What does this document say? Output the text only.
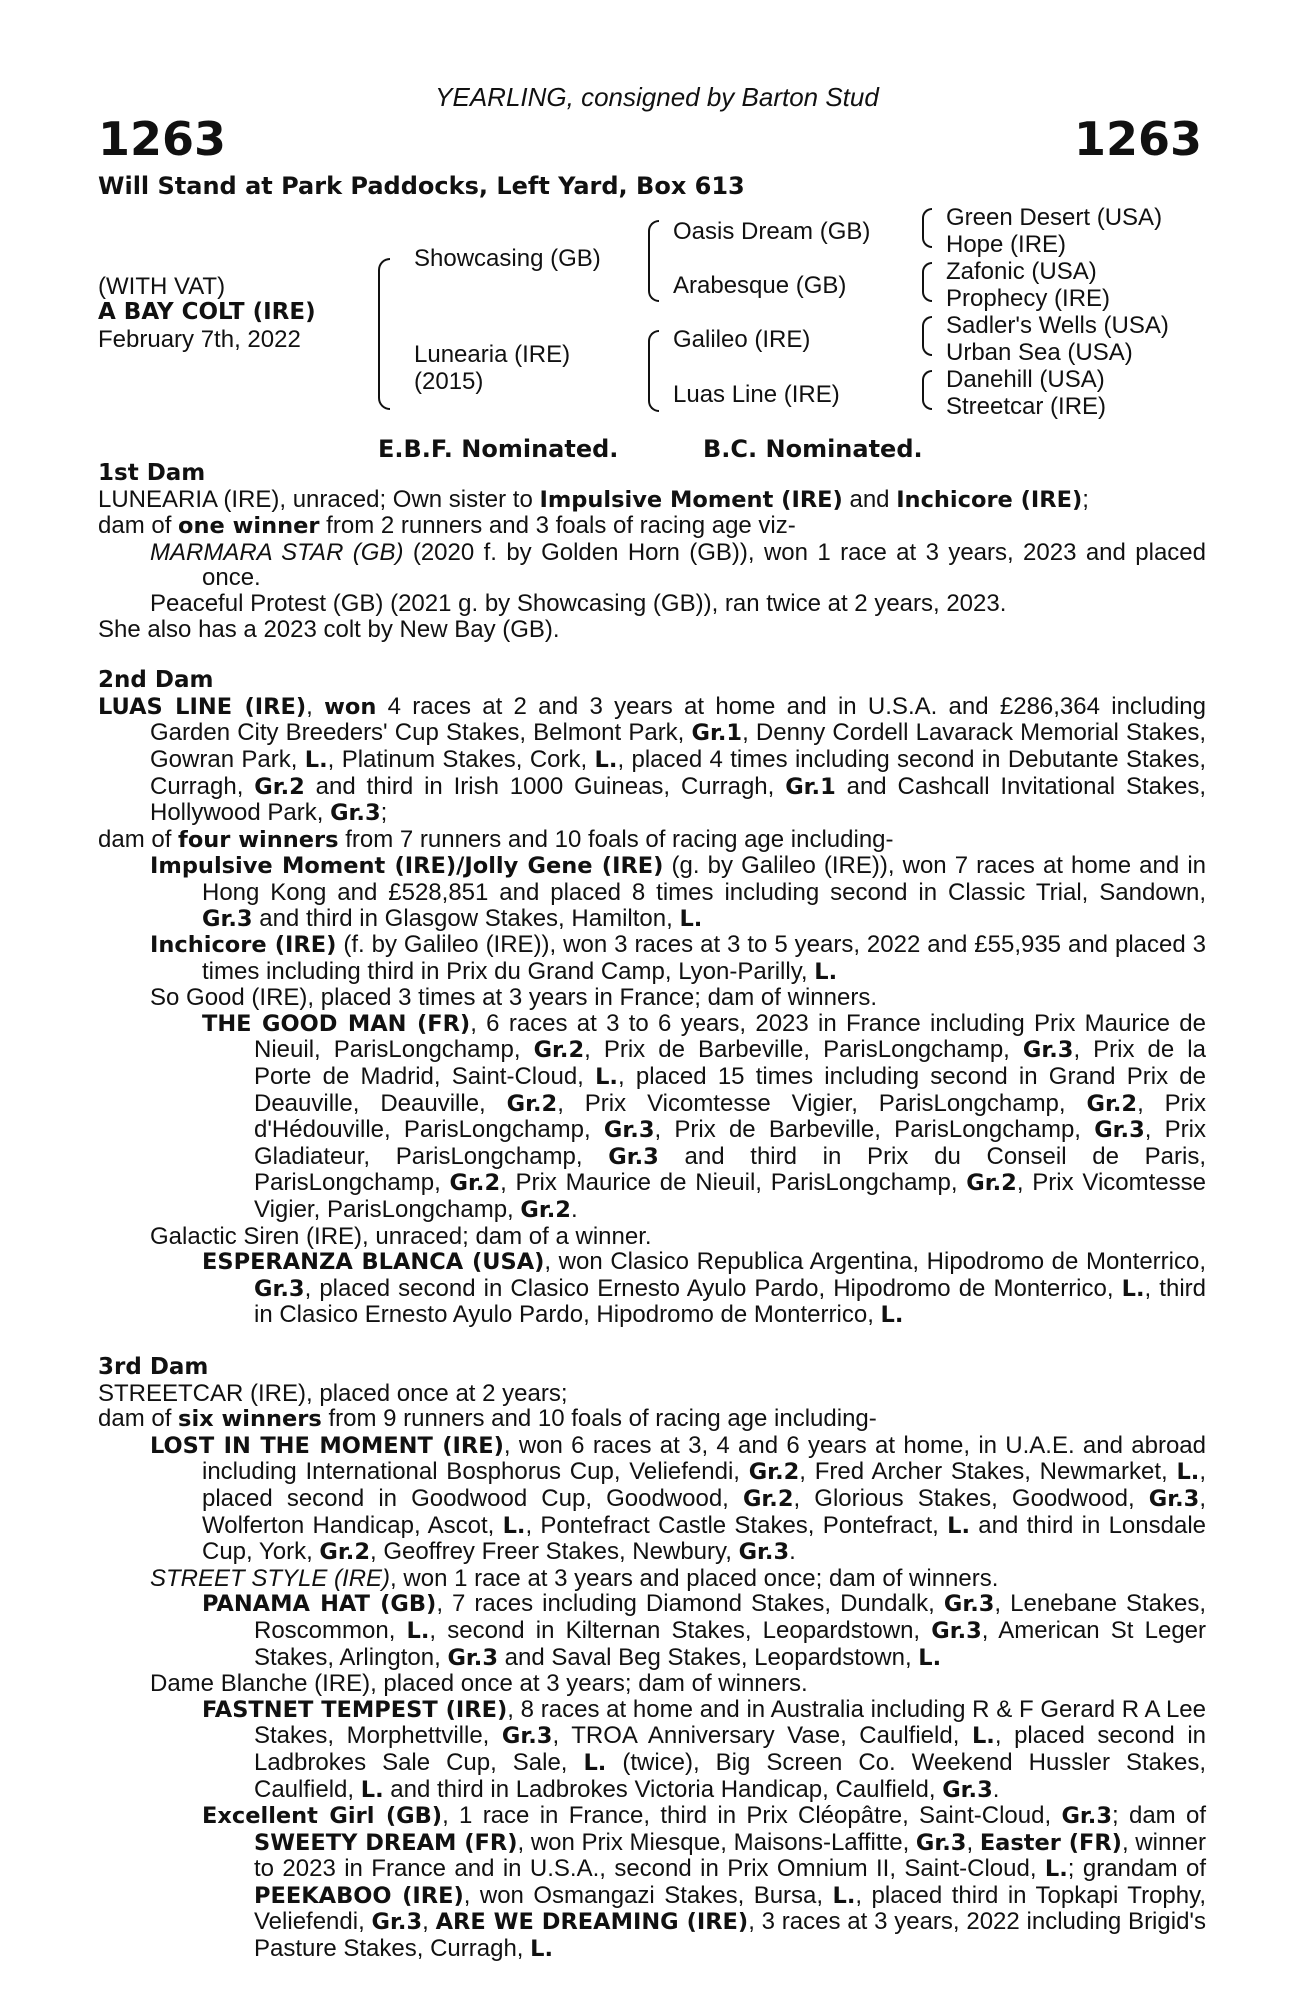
YEARLING, consigned by Barton Stud
1263	1263
Will Stand at Park Paddocks, Left Yard, Box 613
(WITH VAT)
A BAY COLT (IRE)
February 7th, 2022
Showcasing (GB)
Lunearia (IRE)
(2015)
Oasis Dream (GB)
Arabesque (GB)
Galileo (IRE)
Luas Line (IRE)
Green Desert (USA)
Hope (IRE)
Zafonic (USA)
Prophecy (IRE)
Sadler's Wells (USA)
Urban Sea (USA)
Danehill (USA)
Streetcar (IRE)
E.B.F. Nominated.	B.C. Nominated.

1st Dam

LUNEARIA (IRE), unraced; Own sister to Impulsive Moment (IRE) and Inchicore (IRE);

dam of one winner from 2 runners and 3 foals of racing age viz-

MARMARA STAR (GB) (2020 f. by Golden Horn (GB)), won 1 race at 3 years, 2023 and placed once.

Peaceful Protest (GB) (2021 g. by Showcasing (GB)), ran twice at 2 years, 2023.

She also has a 2023 colt by New Bay (GB).

2nd Dam

LUAS LINE (IRE), won 4 races at 2 and 3 years at home and in U.S.A. and £286,364 including Garden City Breeders' Cup Stakes, Belmont Park, Gr.1, Denny Cordell Lavarack Memorial Stakes, Gowran Park, L., Platinum Stakes, Cork, L., placed 4 times including second in Debutante Stakes, Curragh, Gr.2 and third in Irish 1000 Guineas, Curragh, Gr.1 and Cashcall Invitational Stakes, Hollywood Park, Gr.3;

dam of four winners from 7 runners and 10 foals of racing age including-

Impulsive Moment (IRE)/Jolly Gene (IRE) (g. by Galileo (IRE)), won 7 races at home and in Hong Kong and £528,851 and placed 8 times including second in Classic Trial, Sandown, Gr.3 and third in Glasgow Stakes, Hamilton, L.

Inchicore (IRE) (f. by Galileo (IRE)), won 3 races at 3 to 5 years, 2022 and £55,935 and placed 3 times including third in Prix du Grand Camp, Lyon-Parilly, L.

So Good (IRE), placed 3 times at 3 years in France; dam of winners.

THE GOOD MAN (FR), 6 races at 3 to 6 years, 2023 in France including Prix Maurice de Nieuil, ParisLongchamp, Gr.2, Prix de Barbeville, ParisLongchamp, Gr.3, Prix de la Porte de Madrid, Saint-Cloud, L., placed 15 times including second in Grand Prix de Deauville, Deauville, Gr.2, Prix Vicomtesse Vigier, ParisLongchamp, Gr.2, Prix d'Hédouville, ParisLongchamp, Gr.3, Prix de Barbeville, ParisLongchamp, Gr.3, Prix Gladiateur, ParisLongchamp, Gr.3 and third in Prix du Conseil de Paris, ParisLongchamp, Gr.2, Prix Maurice de Nieuil, ParisLongchamp, Gr.2, Prix Vicomtesse Vigier, ParisLongchamp, Gr.2.

Galactic Siren (IRE), unraced; dam of a winner.

ESPERANZA BLANCA (USA), won Clasico Republica Argentina, Hipodromo de Monterrico, Gr.3, placed second in Clasico Ernesto Ayulo Pardo, Hipodromo de Monterrico, L., third in Clasico Ernesto Ayulo Pardo, Hipodromo de Monterrico, L.

3rd Dam

STREETCAR (IRE), placed once at 2 years;

dam of six winners from 9 runners and 10 foals of racing age including-

LOST IN THE MOMENT (IRE), won 6 races at 3, 4 and 6 years at home, in U.A.E. and abroad including International Bosphorus Cup, Veliefendi, Gr.2, Fred Archer Stakes, Newmarket, L., placed second in Goodwood Cup, Goodwood, Gr.2, Glorious Stakes, Goodwood, Gr.3, Wolferton Handicap, Ascot, L., Pontefract Castle Stakes, Pontefract, L. and third in Lonsdale Cup, York, Gr.2, Geoffrey Freer Stakes, Newbury, Gr.3.

STREET STYLE (IRE), won 1 race at 3 years and placed once; dam of winners.

PANAMA HAT (GB), 7 races including Diamond Stakes, Dundalk, Gr.3, Lenebane Stakes, Roscommon, L., second in Kilternan Stakes, Leopardstown, Gr.3, American St Leger Stakes, Arlington, Gr.3 and Saval Beg Stakes, Leopardstown, L.

Dame Blanche (IRE), placed once at 3 years; dam of winners.

FASTNET TEMPEST (IRE), 8 races at home and in Australia including R & F Gerard R A Lee Stakes, Morphettville, Gr.3, TROA Anniversary Vase, Caulfield, L., placed second in Ladbrokes Sale Cup, Sale, L. (twice), Big Screen Co. Weekend Hussler Stakes, Caulfield, L. and third in Ladbrokes Victoria Handicap, Caulfield, Gr.3.

Excellent Girl (GB), 1 race in France, third in Prix Cléopâtre, Saint-Cloud, Gr.3; dam of SWEETY DREAM (FR), won Prix Miesque, Maisons-Laffitte, Gr.3, Easter (FR), winner to 2023 in France and in U.S.A., second in Prix Omnium II, Saint-Cloud, L.; grandam of PEEKABOO (IRE), won Osmangazi Stakes, Bursa, L., placed third in Topkapi Trophy, Veliefendi, Gr.3, ARE WE DREAMING (IRE), 3 races at 3 years, 2022 including Brigid's Pasture Stakes, Curragh, L.
